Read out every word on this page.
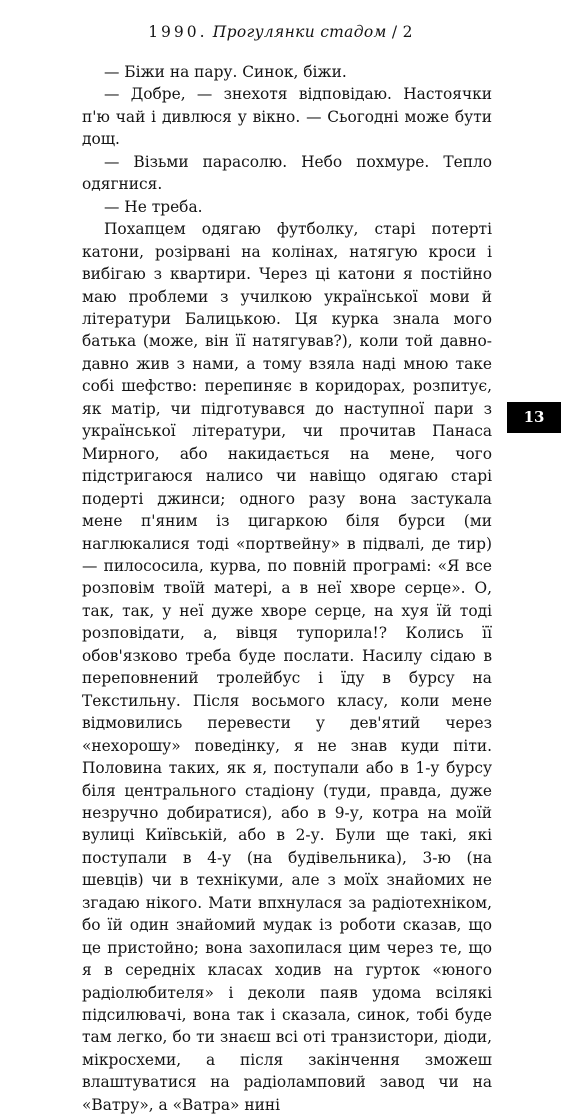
1990. Прогулянки стадом / 2

— Біжи на пару. Синок, біжи.

— Добре, — знехотя відповідаю. Настоячки п'ю чай і дивлюся у вікно. — Сьогодні може бути дощ.

— Візьми парасолю. Небо похмуре. Тепло одягнися.

— Не треба.

Похапцем одягаю футболку, старі потерті катони, розірвані на колінах, натягую кроси і вибігаю з квартири. Через ці катони я постійно маю проблеми з училкою української мови й літератури Балицькою. Ця курка знала мого батька (може, він її натягував?), коли той давно-давно жив з нами, а тому взяла наді мною таке собі шефство: перепиняє в коридорах, розпитує, як матір, чи підготувався до наступної пари з української літератури, чи прочитав Панаса Мирного, або накидається на мене, чого підстригаюся налисо чи навіщо одягаю старі подерті джинси; одного разу вона застукала мене п'яним із цигаркою біля бурси (ми наглюкалися тоді «портвейну» в підвалі, де тир) — пилососила, курва, по повній програмі: «Я все розповім твоїй матері, а в неї хворе серце». О, так, так, у неї дуже хворе серце, на хуя їй тоді розповідати, а, вівця тупорила!? Колись її обов'язково треба буде послати. Насилу сідаю в переповнений тролейбус і їду в бурсу на Текстильну. Після восьмого класу, коли мене відмовились перевести у дев'ятий через «нехорошу» поведінку, я не знав куди піти. Половина таких, як я, поступали або в 1-у бурсу біля центрального стадіону (туди, правда, дуже незручно добиратися), або в 9-у, котра на моїй вулиці Київській, або в 2-у. Були ще такі, які поступали в 4-у (на будівельника), 3-ю (на шевців) чи в технікуми, але з моїх знайомих не згадаю нікого. Мати впхнулася за радіотехніком, бо їй один знайомий мудак із роботи сказав, що це пристойно; вона захопилася цим через те, що я в середніх класах ходив на гурток «юного радіолюбителя» і деколи паяв удома всілякі підсилювачі, вона так і сказала, синок, тобі буде там легко, бо ти знаєш всі оті транзистори, діоди, мікросхеми, а після закінчення зможеш влаштуватися на радіоламповий завод чи на «Ватру», а «Ватра» нині

13
